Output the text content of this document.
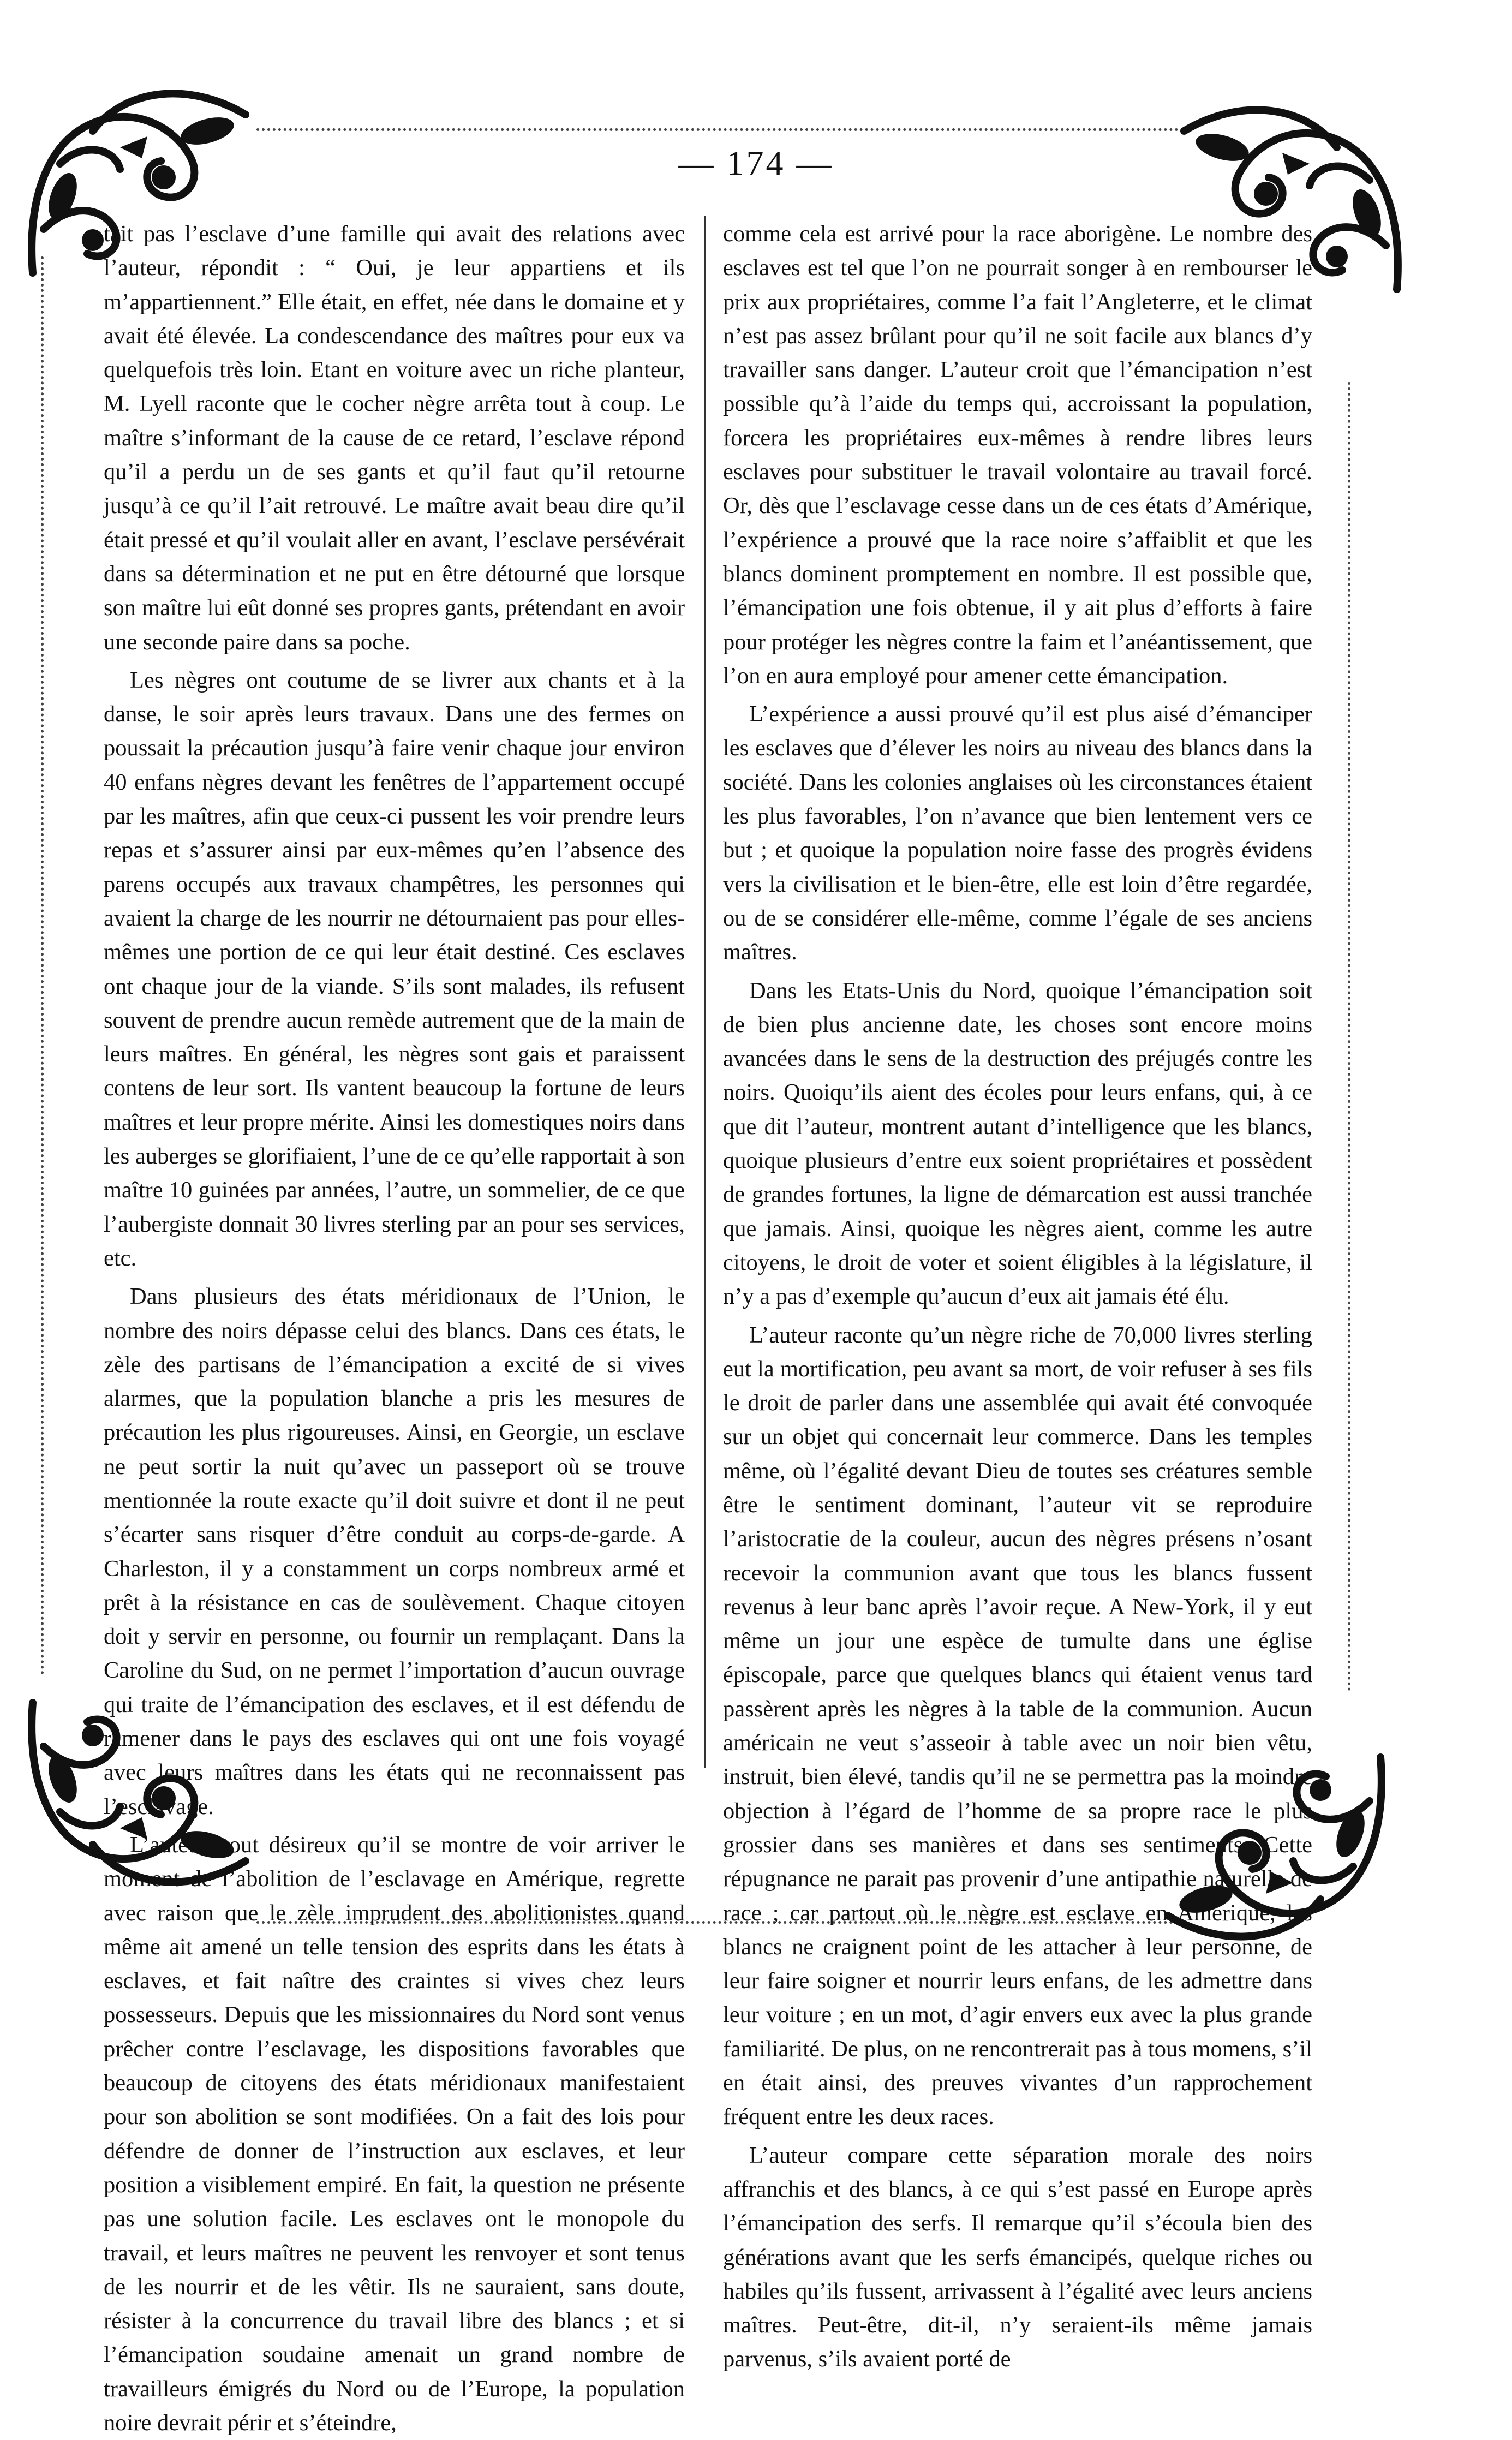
— 174 —

tait pas l’esclave d’une famille qui avait des relations avec l’auteur, répondit : “ Oui, je leur appartiens et ils m’appartiennent.” Elle était, en effet, née dans le domaine et y avait été élevée. La condescendance des maîtres pour eux va quelquefois très loin. Etant en voiture avec un riche planteur, M. Lyell raconte que le cocher nègre arrêta tout à coup. Le maître s’informant de la cause de ce retard, l’esclave répond qu’il a perdu un de ses gants et qu’il faut qu’il retourne jusqu’à ce qu’il l’ait retrouvé. Le maître avait beau dire qu’il était pressé et qu’il voulait aller en avant, l’esclave persévérait dans sa détermination et ne put en être détourné que lorsque son maître lui eût donné ses propres gants, prétendant en avoir une seconde paire dans sa poche.

Les nègres ont coutume de se livrer aux chants et à la danse, le soir après leurs travaux. Dans une des fermes on poussait la précaution jusqu’à faire venir chaque jour environ 40 enfans nègres devant les fenêtres de l’appartement occupé par les maîtres, afin que ceux-ci pussent les voir prendre leurs repas et s’assurer ainsi par eux-mêmes qu’en l’absence des parens occupés aux travaux champêtres, les personnes qui avaient la charge de les nourrir ne détournaient pas pour elles-mêmes une portion de ce qui leur était destiné. Ces esclaves ont chaque jour de la viande. S’ils sont malades, ils refusent souvent de prendre aucun remède autrement que de la main de leurs maîtres. En général, les nègres sont gais et paraissent contens de leur sort. Ils vantent beaucoup la fortune de leurs maîtres et leur propre mérite. Ainsi les domestiques noirs dans les auberges se glorifiaient, l’une de ce qu’elle rapportait à son maître 10 guinées par années, l’autre, un sommelier, de ce que l’aubergiste donnait 30 livres sterling par an pour ses services, etc.

Dans plusieurs des états méridionaux de l’Union, le nombre des noirs dépasse celui des blancs. Dans ces états, le zèle des partisans de l’émancipation a excité de si vives alarmes, que la population blanche a pris les mesures de précaution les plus rigoureuses. Ainsi, en Georgie, un esclave ne peut sortir la nuit qu’avec un passeport où se trouve mentionnée la route exacte qu’il doit suivre et dont il ne peut s’écarter sans risquer d’être conduit au corps-de-garde. A Charleston, il y a constamment un corps nombreux armé et prêt à la résistance en cas de soulèvement. Chaque citoyen doit y servir en personne, ou fournir un remplaçant. Dans la Caroline du Sud, on ne permet l’importation d’aucun ouvrage qui traite de l’émancipation des esclaves, et il est défendu de ramener dans le pays des esclaves qui ont une fois voyagé avec leurs maîtres dans les états qui ne reconnaissent pas l’esclavage.

L’auteur, tout désireux qu’il se montre de voir arriver le moment de l’abolition de l’esclavage en Amérique, regrette avec raison que le zèle imprudent des abolitionistes quand même ait amené un telle tension des esprits dans les états à esclaves, et fait naître des craintes si vives chez leurs possesseurs. Depuis que les missionnaires du Nord sont venus prêcher contre l’esclavage, les dispositions favorables que beaucoup de citoyens des états méridionaux manifestaient pour son abolition se sont modifiées. On a fait des lois pour défendre de donner de l’instruction aux esclaves, et leur position a visiblement empiré. En fait, la question ne présente pas une solution facile. Les esclaves ont le monopole du travail, et leurs maîtres ne peuvent les renvoyer et sont tenus de les nourrir et de les vêtir. Ils ne sauraient, sans doute, résister à la concurrence du travail libre des blancs ; et si l’émancipation soudaine amenait un grand nombre de travailleurs émigrés du Nord ou de l’Europe, la population noire devrait périr et s’éteindre,

comme cela est arrivé pour la race aborigène. Le nombre des esclaves est tel que l’on ne pourrait songer à en rembourser le prix aux propriétaires, comme l’a fait l’Angleterre, et le climat n’est pas assez brûlant pour qu’il ne soit facile aux blancs d’y travailler sans danger. L’auteur croit que l’émancipation n’est possible qu’à l’aide du temps qui, accroissant la population, forcera les propriétaires eux-mêmes à rendre libres leurs esclaves pour substituer le travail volontaire au travail forcé. Or, dès que l’esclavage cesse dans un de ces états d’Amérique, l’expérience a prouvé que la race noire s’affaiblit et que les blancs dominent promptement en nombre. Il est possible que, l’émancipation une fois obtenue, il y ait plus d’efforts à faire pour protéger les nègres contre la faim et l’anéantissement, que l’on en aura employé pour amener cette émancipation.

L’expérience a aussi prouvé qu’il est plus aisé d’émanciper les esclaves que d’élever les noirs au niveau des blancs dans la société. Dans les colonies anglaises où les circonstances étaient les plus favorables, l’on n’avance que bien lentement vers ce but ; et quoique la population noire fasse des progrès évidens vers la civilisation et le bien-être, elle est loin d’être regardée, ou de se considérer elle-même, comme l’égale de ses anciens maîtres.

Dans les Etats-Unis du Nord, quoique l’émancipation soit de bien plus ancienne date, les choses sont encore moins avancées dans le sens de la destruction des préjugés contre les noirs. Quoiqu’ils aient des écoles pour leurs enfans, qui, à ce que dit l’auteur, montrent autant d’intelligence que les blancs, quoique plusieurs d’entre eux soient propriétaires et possèdent de grandes fortunes, la ligne de démarcation est aussi tranchée que jamais. Ainsi, quoique les nègres aient, comme les autre citoyens, le droit de voter et soient éligibles à la législature, il n’y a pas d’exemple qu’aucun d’eux ait jamais été élu.

L’auteur raconte qu’un nègre riche de 70,000 livres sterling eut la mortification, peu avant sa mort, de voir refuser à ses fils le droit de parler dans une assemblée qui avait été convoquée sur un objet qui concernait leur commerce. Dans les temples même, où l’égalité devant Dieu de toutes ses créatures semble être le sentiment dominant, l’auteur vit se reproduire l’aristocratie de la couleur, aucun des nègres présens n’osant recevoir la communion avant que tous les blancs fussent revenus à leur banc après l’avoir reçue. A New-York, il y eut même un jour une espèce de tumulte dans une église épiscopale, parce que quelques blancs qui étaient venus tard passèrent après les nègres à la table de la communion. Aucun américain ne veut s’asseoir à table avec un noir bien vêtu, instruit, bien élevé, tandis qu’il ne se permettra pas la moindre objection à l’égard de l’homme de sa propre race le plus grossier dans ses manières et dans ses sentiments. Cette répugnance ne parait pas provenir d’une antipathie naturelle de race ; car partout où le nègre est esclave en Amérique, les blancs ne craignent point de les attacher à leur personne, de leur faire soigner et nourrir leurs enfans, de les admettre dans leur voiture ; en un mot, d’agir envers eux avec la plus grande familiarité. De plus, on ne rencontrerait pas à tous momens, s’il en était ainsi, des preuves vivantes d’un rapprochement fréquent entre les deux races.

L’auteur compare cette séparation morale des noirs affranchis et des blancs, à ce qui s’est passé en Europe après l’émancipation des serfs. Il remarque qu’il s’écoula bien des générations avant que les serfs émancipés, quelque riches ou habiles qu’ils fussent, arrivassent à l’égalité avec leurs anciens maîtres. Peut-être, dit-il, n’y seraient-ils même jamais parvenus, s’ils avaient porté de
